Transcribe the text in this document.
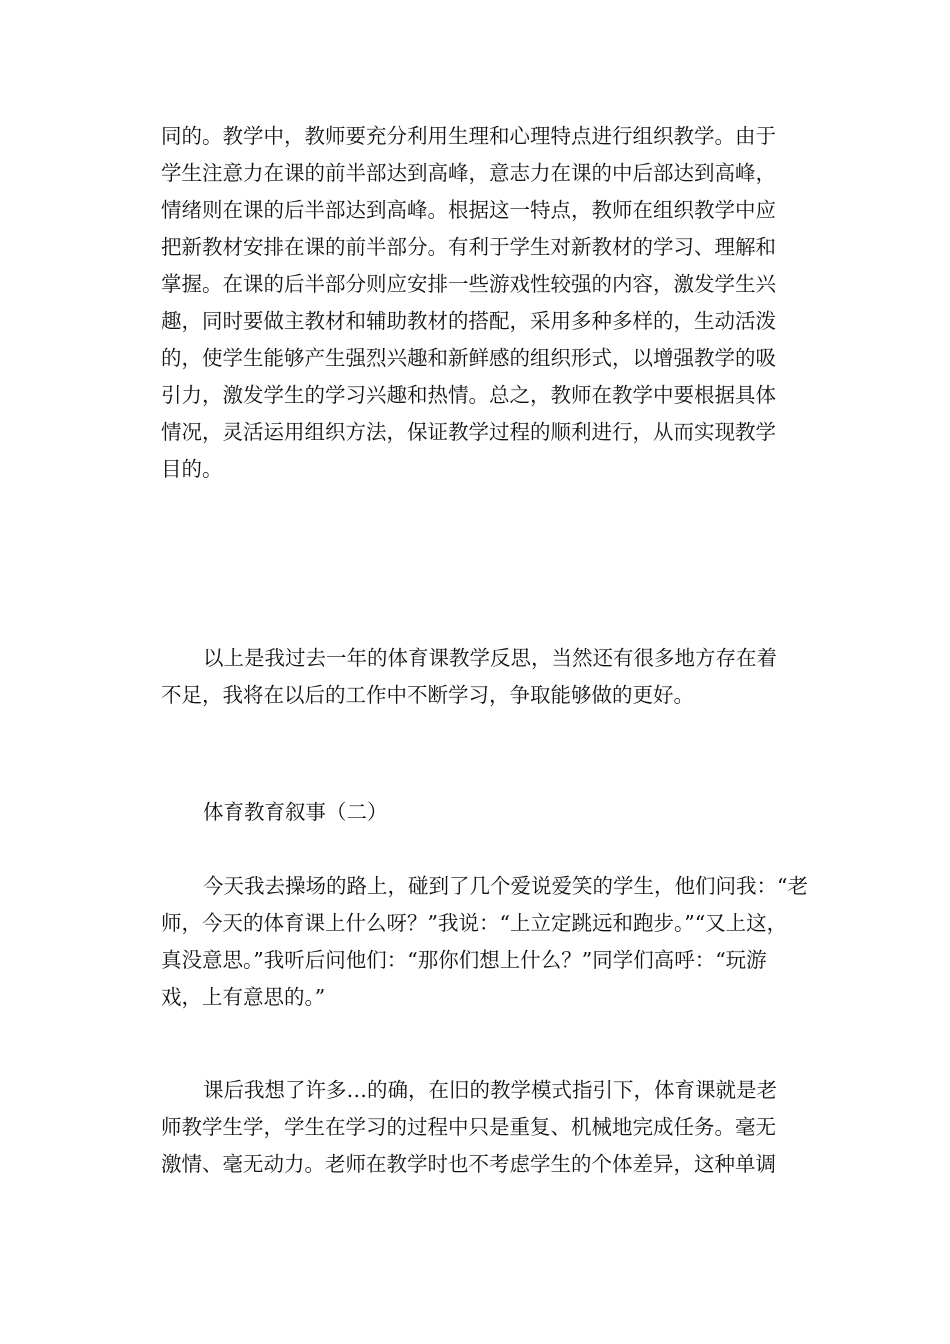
同的。教学中，教师要充分利用生理和心理特点进行组织教学。由于
学生注意力在课的前半部达到高峰，意志力在课的中后部达到高峰，
情绪则在课的后半部达到高峰。根据这一特点，教师在组织教学中应
把新教材安排在课的前半部分。有利于学生对新教材的学习、理解和
掌握。在课的后半部分则应安排一些游戏性较强的内容，激发学生兴
趣，同时要做主教材和辅助教材的搭配，采用多种多样的，生动活泼
的，使学生能够产生强烈兴趣和新鲜感的组织形式，以增强教学的吸
引力，激发学生的学习兴趣和热情。总之，教师在教学中要根据具体
情况，灵活运用组织方法，保证教学过程的顺利进行，从而实现教学
目的。
以上是我过去一年的体育课教学反思，当然还有很多地方存在着
不足，我将在以后的工作中不断学习，争取能够做的更好。
体育教育叙事（二）
今天我去操场的路上，碰到了几个爱说爱笑的学生，他们问我：“老
师，今天的体育课上什么呀？”我说：“上立定跳远和跑步。”“又上这，
真没意思。”我听后问他们：“那你们想上什么？”同学们高呼：“玩游
戏，上有意思的。”
课后我想了许多…的确，在旧的教学模式指引下，体育课就是老
师教学生学，学生在学习的过程中只是重复、机械地完成任务。毫无
激情、毫无动力。老师在教学时也不考虑学生的个体差异，这种单调
